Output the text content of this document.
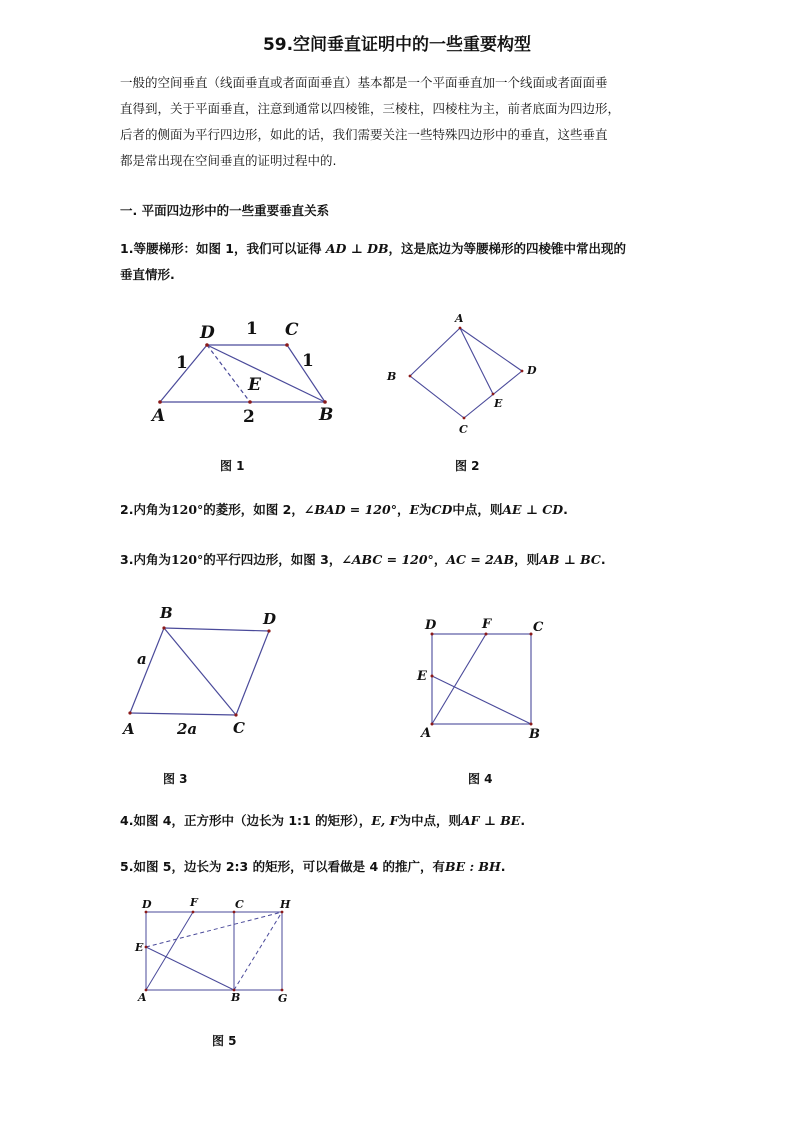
59.空间垂直证明中的一些重要构型
一般的空间垂直（线面垂直或者面面垂直）基本都是一个平面垂直加一个线面或者面面垂
直得到，关于平面垂直，注意到通常以四棱锥，三棱柱，四棱柱为主，前者底面为四边形，
后者的侧面为平行四边形，如此的话，我们需要关注一些特殊四边形中的垂直，这些垂直
都是常出现在空间垂直的证明过程中的.
一. 平面四边形中的一些重要垂直关系
1.等腰梯形：如图 1，我们可以证得 AD ⊥ DB，这是底边为等腰梯形的四棱锥中常出现的
垂直情形.
D	C
A	B
E
1
1	1
2
A
B
C
D
E
图 1	图 2
2.内角为120°的菱形，如图 2，∠BAD = 120°，E为CD中点，则AE ⊥ CD.
3.内角为120°的平行四边形，如图 3，∠ABC = 120°，AC = 2AB，则AB ⊥ BC.
B	D
A	C
a
2a
D	F	C
E
A	B
图 3	图 4
4.如图 4，正方形中（边长为 1:1 的矩形），E, F为中点，则AF ⊥ BE.
5.如图 5，边长为 2:3 的矩形，可以看做是 4 的推广，有BE : BH.
D	F	C	H
E
A	B	G
图 5
